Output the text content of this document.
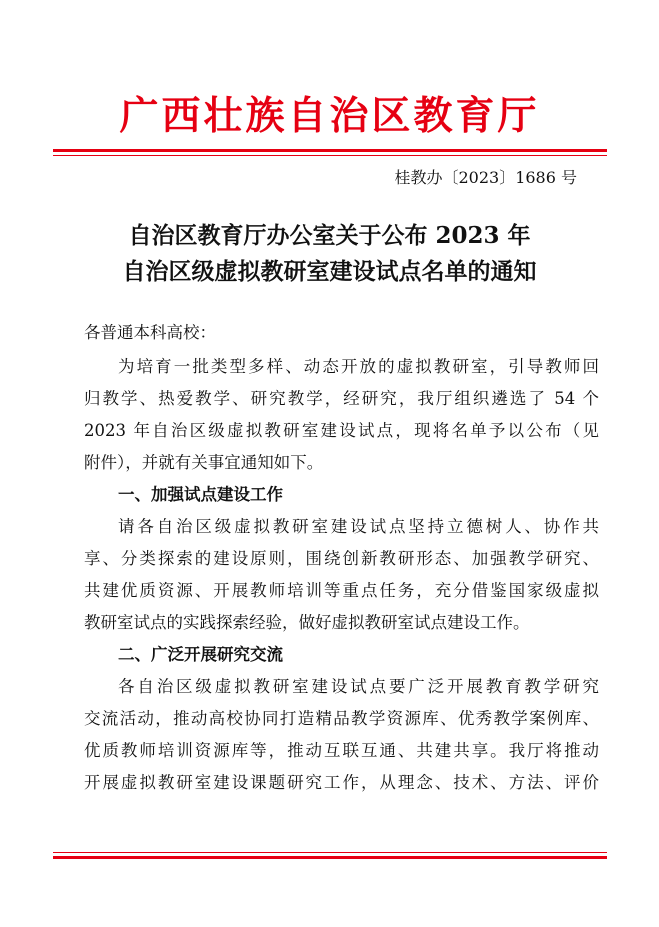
广西壮族自治区教育厅
桂教办〔2023〕1686 号
自治区教育厅办公室关于公布 2023 年
自治区级虚拟教研室建设试点名单的通知
各普通本科高校：
为培育一批类型多样、动态开放的虚拟教研室，引导教师回
归教学、热爱教学、研究教学，经研究，我厅组织遴选了 54 个
2023 年自治区级虚拟教研室建设试点，现将名单予以公布（见
附件），并就有关事宜通知如下。
一、加强试点建设工作
请各自治区级虚拟教研室建设试点坚持立德树人、协作共
享、分类探索的建设原则，围绕创新教研形态、加强教学研究、
共建优质资源、开展教师培训等重点任务，充分借鉴国家级虚拟
教研室试点的实践探索经验，做好虚拟教研室试点建设工作。
二、广泛开展研究交流
各自治区级虚拟教研室建设试点要广泛开展教育教学研究
交流活动，推动高校协同打造精品教学资源库、优秀教学案例库、
优质教师培训资源库等，推动互联互通、共建共享。我厅将推动
开展虚拟教研室建设课题研究工作，从理念、技术、方法、评价
